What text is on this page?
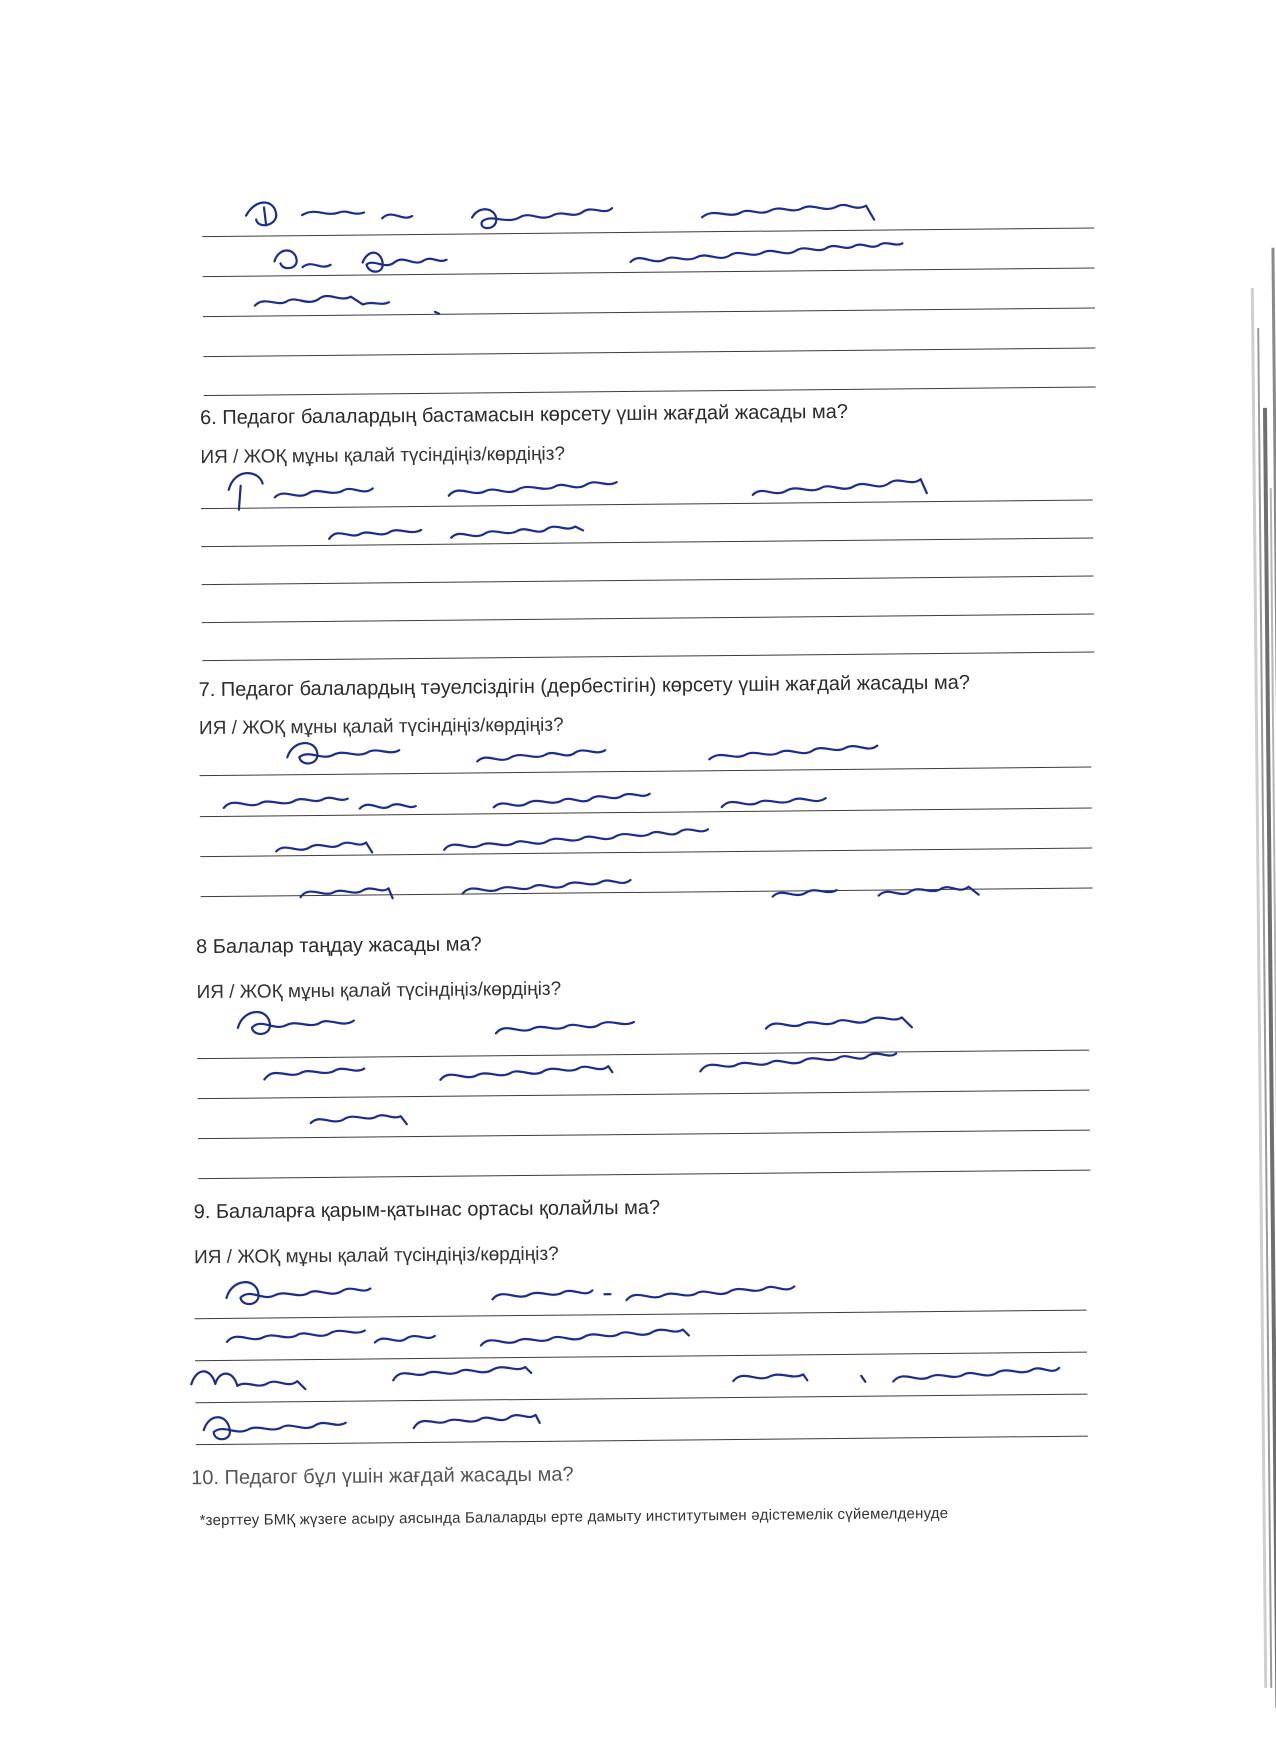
6. Педагог балалардың бастамасын көрсету үшін жағдай жасады ма?
ИЯ / ЖОҚ мұны қалай түсіндіңіз/көрдіңіз?
7. Педагог балалардың тәуелсіздігін (дербестігін) көрсету үшін жағдай жасады ма?
ИЯ / ЖОҚ мұны қалай түсіндіңіз/көрдіңіз?
8 Балалар таңдау жасады ма?
ИЯ / ЖОҚ мұны қалай түсіндіңіз/көрдіңіз?
9. Балаларға қарым-қатынас ортасы қолайлы ма?
ИЯ / ЖОҚ мұны қалай түсіндіңіз/көрдіңіз?
10. Педагог бұл үшін жағдай жасады ма?
*зерттеу БМҚ жүзеге асыру аясында Балаларды ерте дамыту институтымен әдістемелік сүйемелденуде
